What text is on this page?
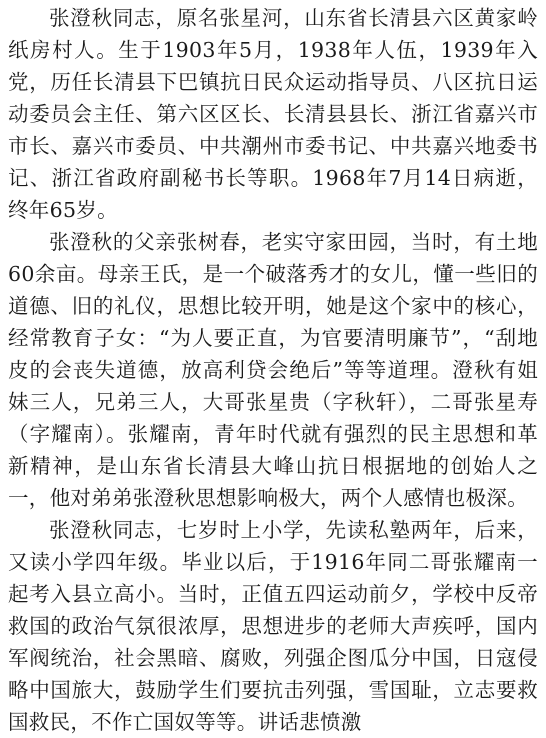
张澄秋同志，原名张星河，山东省长清县六区黄家岭纸房村人。生于1903年5月，1938年人伍，1939年入党，历任长清县下巴镇抗日民众运动指导员、八区抗日运动委员会主任、第六区区长、长清县县长、浙江省嘉兴市市长、嘉兴市委员、中共潮州市委书记、中共嘉兴地委书记、浙江省政府副秘书长等职。1968年7月14日病逝，终年65岁。

张澄秋的父亲张树春，老实守家田园，当时，有土地60余亩。母亲王氏，是一个破落秀才的女儿，懂一些旧的道德、旧的礼仪，思想比较开明，她是这个家中的核心，经常教育子女：“为人要正直，为官要清明廉节”，“刮地皮的会丧失道德，放高利贷会绝后”等等道理。澄秋有姐妹三人，兄弟三人，大哥张星贵（字秋轩），二哥张星寿（字耀南）。张耀南，青年时代就有强烈的民主思想和革新精神，是山东省长清县大峰山抗日根据地的创始人之一，他对弟弟张澄秋思想影响极大，两个人感情也极深。

张澄秋同志，七岁时上小学，先读私塾两年，后来，又读小学四年级。毕业以后，于1916年同二哥张耀南一起考入县立高小。当时，正值五四运动前夕，学校中反帝救国的政治气氛很浓厚，思想进步的老师大声疾呼，国内军阀统治，社会黑暗、腐败，列强企图瓜分中国，日寇侵略中国旅大，鼓励学生们要抗击列强，雪国耻，立志要救国救民，不作亡国奴等等。讲话悲愤激
